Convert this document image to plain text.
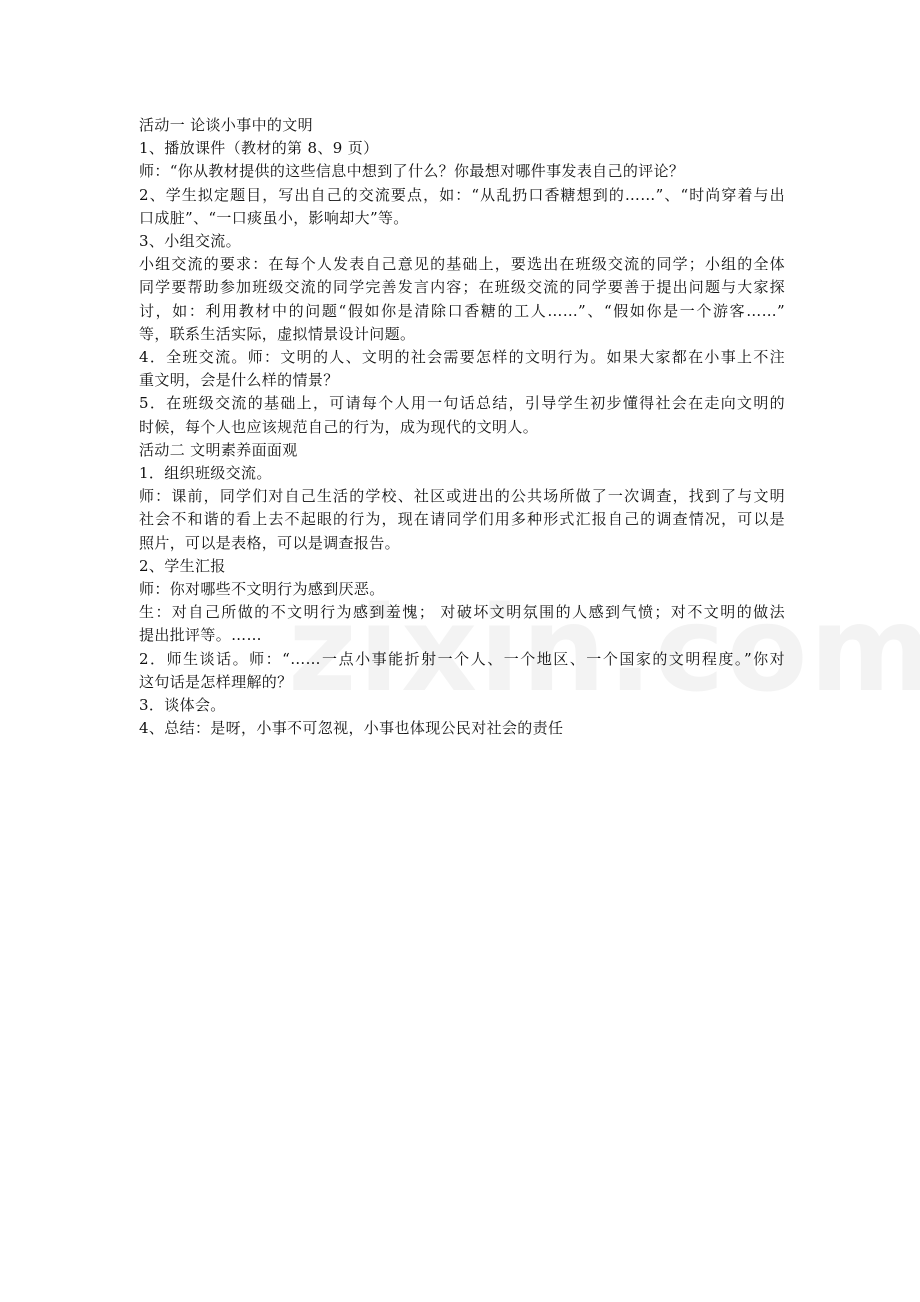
活动一 论谈小事中的文明
1、播放课件（教材的第 8、9 页）
师：“你从教材提供的这些信息中想到了什么？你最想对哪件事发表自己的评论？
2、学生拟定题目，写出自己的交流要点，如：“从乱扔口香糖想到的……”、“时尚穿着与出
口成脏”、“一口痰虽小，影响却大”等。
3、小组交流。
小组交流的要求：在每个人发表自己意见的基础上，要选出在班级交流的同学；小组的全体
同学要帮助参加班级交流的同学完善发言内容；在班级交流的同学要善于提出问题与大家探
讨，如：利用教材中的问题“假如你是清除口香糖的工人……”、“假如你是一个游客……”
等，联系生活实际，虚拟情景设计问题。
4．全班交流。师：文明的人、文明的社会需要怎样的文明行为。如果大家都在小事上不注
重文明，会是什么样的情景？
5．在班级交流的基础上，可请每个人用一句话总结，引导学生初步懂得社会在走向文明的
时候，每个人也应该规范自己的行为，成为现代的文明人。
活动二 文明素养面面观
1．组织班级交流。
师：课前，同学们对自己生活的学校、社区或进出的公共场所做了一次调查，找到了与文明
社会不和谐的看上去不起眼的行为，现在请同学们用多种形式汇报自己的调查情况，可以是
照片，可以是表格，可以是调查报告。
2、学生汇报
师：你对哪些不文明行为感到厌恶。
生：对自己所做的不文明行为感到羞愧； 对破坏文明氛围的人感到气愤；对不文明的做法
提出批评等。……
2．师生谈话。师：“……一点小事能折射一个人、一个地区、一个国家的文明程度。”你对
这句话是怎样理解的？
3．谈体会。
4、总结：是呀，小事不可忽视，小事也体现公民对社会的责任
